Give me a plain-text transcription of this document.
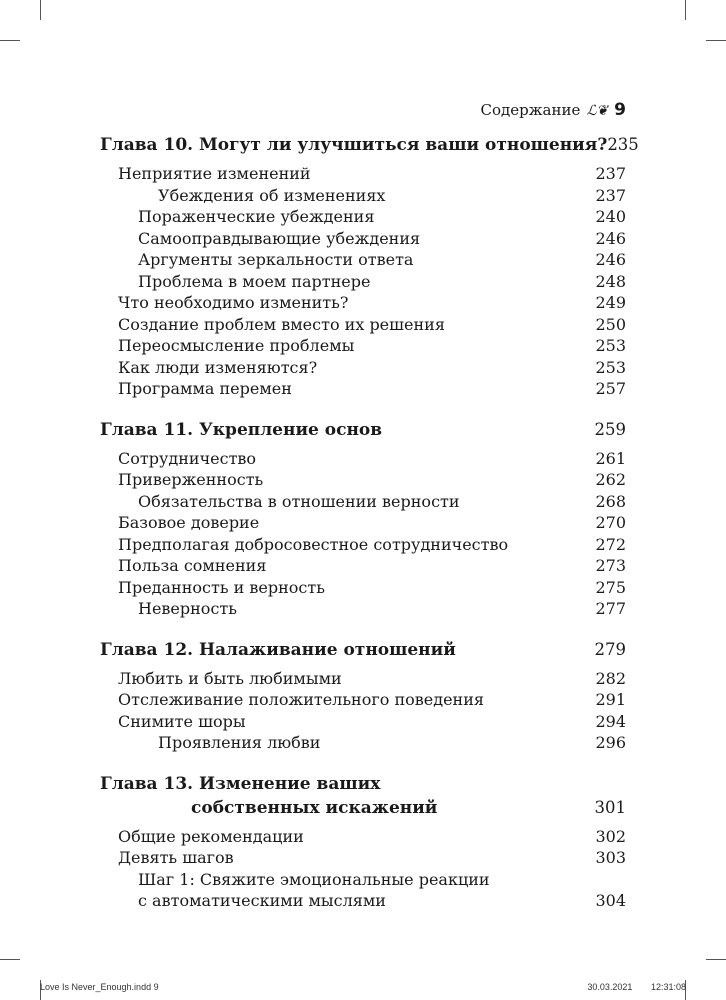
Содержание ℒ❦ 9
Глава 10. Могут ли улучшиться ваши отношения? 235
Неприятие изменений	237
Убеждения об изменениях	237
Пораженческие убеждения	240
Самооправдывающие убеждения	246
Аргументы зеркальности ответа	246
Проблема в моем партнере	248
Что необходимо изменить?	249
Создание проблем вместо их решения	250
Переосмысление проблемы	253
Как люди изменяются?	253
Программа перемен	257
Глава 11. Укрепление основ	259
Сотрудничество	261
Приверженность	262
Обязательства в отношении верности	268
Базовое доверие	270
Предполагая добросовестное сотрудничество	272
Польза сомнения	273
Преданность и верность	275
Неверность	277
Глава 12. Налаживание отношений	279
Любить и быть любимыми	282
Отслеживание положительного поведения	291
Снимите шоры	294
Проявления любви	296
Глава 13. Изменение ваших
собственных искажений	301
Общие рекомендации	302
Девять шагов	303
Шаг 1: Свяжите эмоциональные реакции
с автоматическими мыслями	304
Love Is Never_Enough.indd 9	30.03.2021 12:31:08
